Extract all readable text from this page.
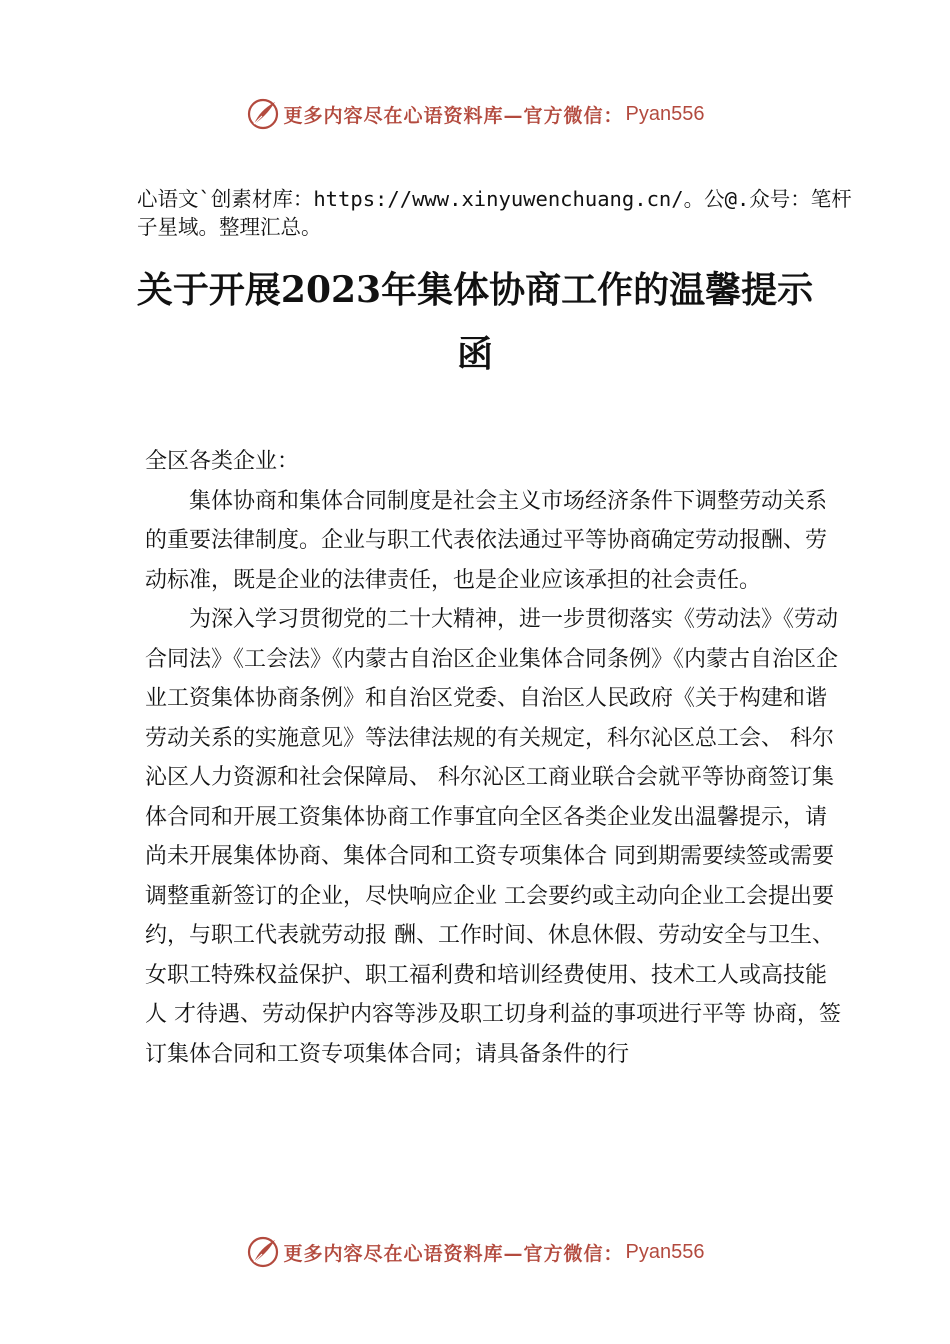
更多内容尽在心语资料库—官方微信： Pyan556
心语文`创素材库：https://www.xinyuwenchuang.cn/。公@.众号：笔杆子星域。整理汇总。
关于开展2023年集体协商工作的温馨提示函

全区各类企业：

集体协商和集体合同制度是社会主义市场经济条件下调整劳动关系的重要法律制度。企业与职工代表依法通过平等协商确定劳动报酬、劳动标准，既是企业的法律责任，也是企业应该承担的社会责任。

为深入学习贯彻党的二十大精神，进一步贯彻落实《劳动法》《劳动合同法》《工会法》《内蒙古自治区企业集体合同条例》《内蒙古自治区企业工资集体协商条例》和自治区党委、自治区人民政府《关于构建和谐劳动关系的实施意见》等法律法规的有关规定，科尔沁区总工会、 科尔沁区人力资源和社会保障局、 科尔沁区工商业联合会就平等协商签订集体合同和开展工资集体协商工作事宜向全区各类企业发出温馨提示，请尚未开展集体协商、集体合同和工资专项集体合 同到期需要续签或需要调整重新签订的企业，尽快响应企业 工会要约或主动向企业工会提出要约，与职工代表就劳动报 酬、工作时间、休息休假、劳动安全与卫生、女职工特殊权益保护、职工福利费和培训经费使用、技术工人或高技能人 才待遇、劳动保护内容等涉及职工切身利益的事项进行平等 协商，签订集体合同和工资专项集体合同；请具备条件的行

更多内容尽在心语资料库—官方微信： Pyan556
